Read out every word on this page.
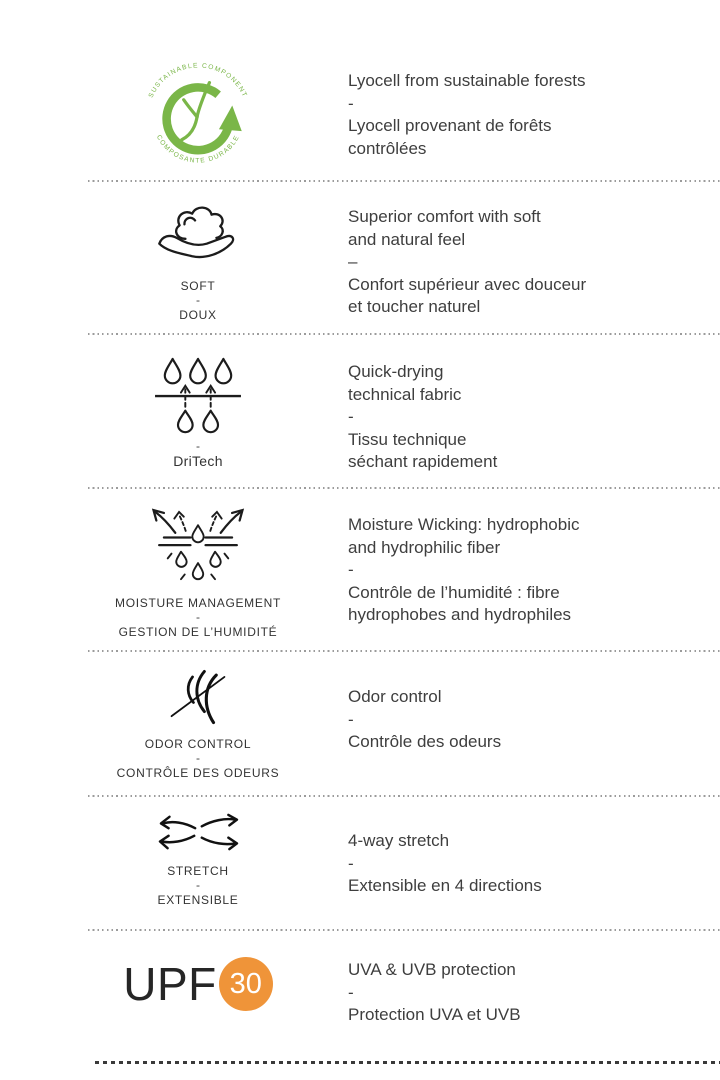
SUSTAINABLE COMPONENT
COMPOSANTE DURABLE
Lyocell from sustainable forests
-
Lyocell provenant de forêts
contrôlées
SOFT
-
DOUX
Superior comfort with soft
and natural feel
–
Confort supérieur avec douceur
et toucher naturel
-
DriTech
Quick-drying
technical fabric
-
Tissu technique
séchant rapidement
MOISTURE MANAGEMENT
-
GESTION DE L’HUMIDITÉ
Moisture Wicking: hydrophobic
and hydrophilic fiber
-
Contrôle de l’humidité : fibre
hydrophobes and hydrophiles
ODOR CONTROL
-
CONTRÔLE DES ODEURS
Odor control
-
Contrôle des odeurs
STRETCH
-
EXTENSIBLE
4-way stretch
-
Extensible en 4 directions
UPF 30	UVA & UVB protection
-
Protection UVA et UVB
